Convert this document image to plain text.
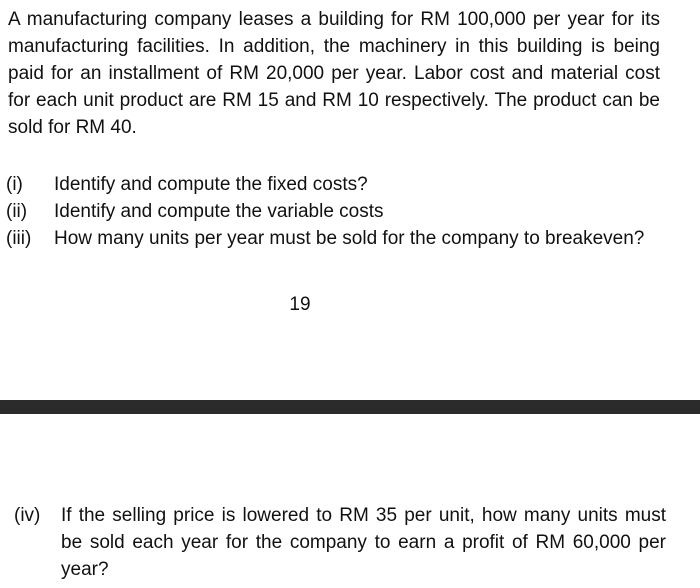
A manufacturing company leases a building for RM 100,000 per year for its manufacturing facilities. In addition, the machinery in this building is being paid for an installment of RM 20,000 per year. Labor cost and material cost for each unit product are RM 15 and RM 10 respectively. The product can be sold for RM 40.

(i)	Identify and compute the fixed costs?
(ii)	Identify and compute the variable costs
(iii)	How many units per year must be sold for the company to breakeven?
19
(iv)	If the selling price is lowered to RM 35 per unit, how many units must be sold each year for the company to earn a profit of RM 60,000 per year?
